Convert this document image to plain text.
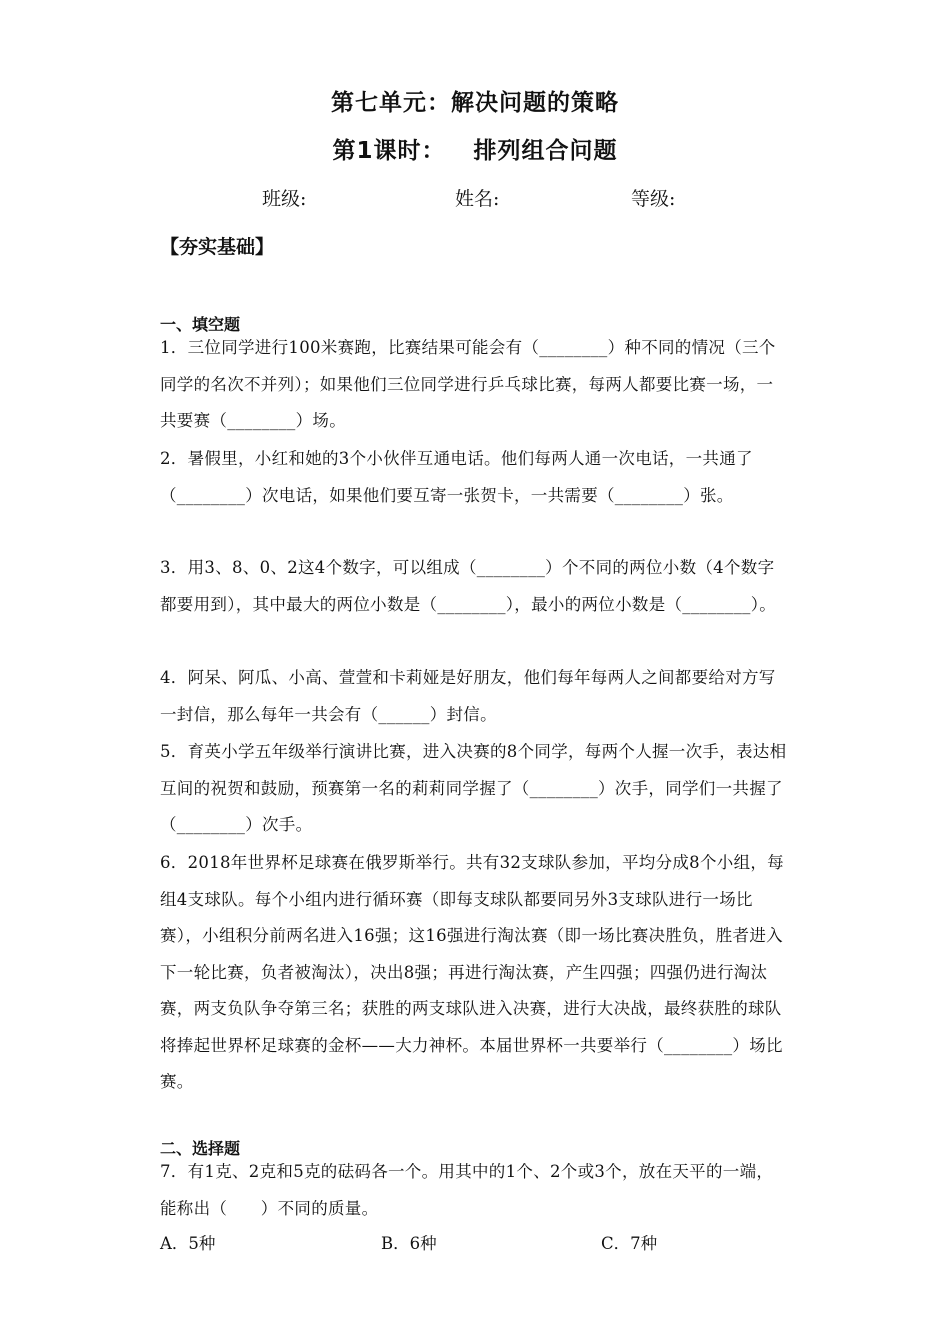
第七单元：解决问题的策略
第1课时： 排列组合问题
班级:	姓名:	等级:
【夯实基础】
一、填空题
1．三位同学进行100米赛跑，比赛结果可能会有（________）种不同的情况（三个同学的名次不并列）；如果他们三位同学进行乒乓球比赛，每两人都要比赛一场，一共要赛（________）场。
2．暑假里，小红和她的3个小伙伴互通电话。他们每两人通一次电话，一共通了（________）次电话，如果他们要互寄一张贺卡，一共需要（________）张。
3．用3、8、0、2这4个数字，可以组成（________）个不同的两位小数（4个数字都要用到），其中最大的两位小数是（________），最小的两位小数是（________）。
4．阿呆、阿瓜、小高、萱萱和卡莉娅是好朋友，他们每年每两人之间都要给对方写一封信，那么每年一共会有（______）封信。
5．育英小学五年级举行演讲比赛，进入决赛的8个同学，每两个人握一次手，表达相互间的祝贺和鼓励，预赛第一名的莉莉同学握了（________）次手，同学们一共握了（________）次手。
6．2018年世界杯足球赛在俄罗斯举行。共有32支球队参加，平均分成8个小组，每组4支球队。每个小组内进行循环赛（即每支球队都要同另外3支球队进行一场比赛），小组积分前两名进入16强；这16强进行淘汰赛（即一场比赛决胜负，胜者进入下一轮比赛，负者被淘汰），决出8强；再进行淘汰赛，产生四强；四强仍进行淘汰赛，两支负队争夺第三名；获胜的两支球队进入决赛，进行大决战，最终获胜的球队将捧起世界杯足球赛的金杯——大力神杯。本届世界杯一共要举行（________）场比赛。
二、选择题
7．有1克、2克和5克的砝码各一个。用其中的1个、2个或3个，放在天平的一端，能称出（　　）不同的质量。
A．5种	B．6种	C．7种
